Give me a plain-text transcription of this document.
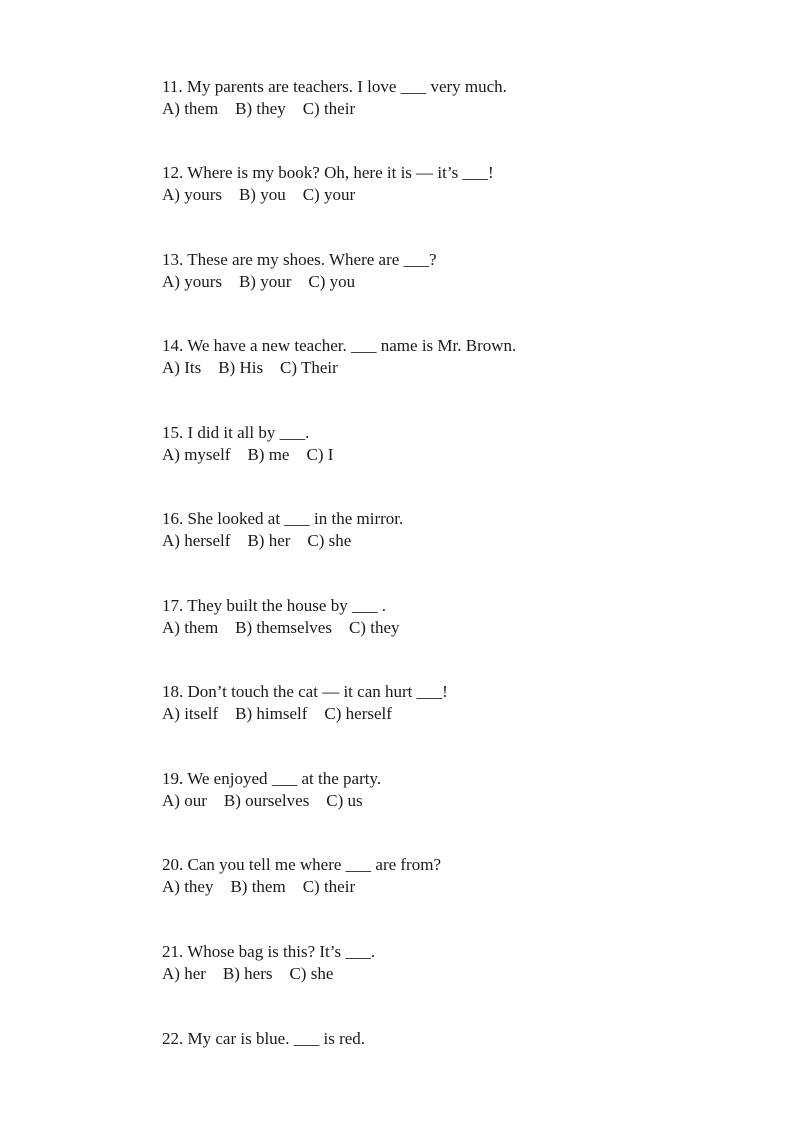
11. My parents are teachers. I love ___ very much.
A) them    B) they    C) their
12. Where is my book? Oh, here it is — it’s ___!
A) yours    B) you    C) your
13. These are my shoes. Where are ___?
A) yours    B) your    C) you
14. We have a new teacher. ___ name is Mr. Brown.
A) Its    B) His    C) Their
15. I did it all by ___.
A) myself    B) me    C) I
16. She looked at ___ in the mirror.
A) herself    B) her    C) she
17. They built the house by ___ .
A) them    B) themselves    C) they
18. Don’t touch the cat — it can hurt ___!
A) itself    B) himself    C) herself
19. We enjoyed ___ at the party.
A) our    B) ourselves    C) us
20. Can you tell me where ___ are from?
A) they    B) them    C) their
21. Whose bag is this? It’s ___.
A) her    B) hers    C) she
22. My car is blue. ___ is red.
